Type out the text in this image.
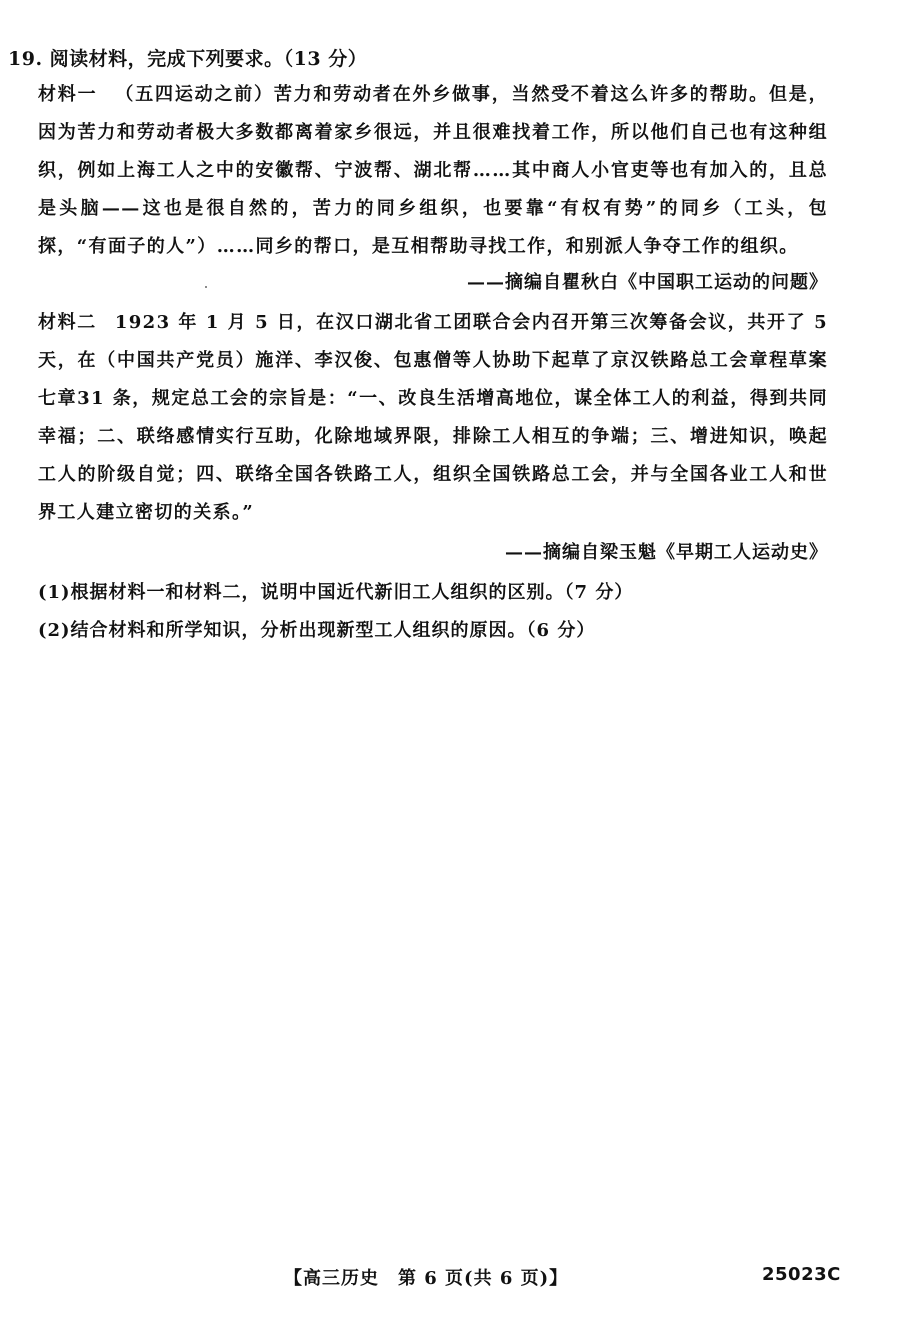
19. 阅读材料，完成下列要求。（13 分）
材料一 （五四运动之前）苦力和劳动者在外乡做事，当然受不着这么许多的帮助。但是，因为苦力和劳动者极大多数都离着家乡很远，并且很难找着工作，所以他们自己也有这种组织，例如上海工人之中的安徽帮、宁波帮、湖北帮……其中商人小官吏等也有加入的，且总是头脑——这也是很自然的，苦力的同乡组织，也要靠“有权有势”的同乡（工头，包探，“有面子的人”）……同乡的帮口，是互相帮助寻找工作，和别派人争夺工作的组织。
——摘编自瞿秋白《中国职工运动的问题》
材料二 1923 年 1 月 5 日，在汉口湖北省工团联合会内召开第三次筹备会议，共开了 5 天，在（中国共产党员）施洋、李汉俊、包惠僧等人协助下起草了京汉铁路总工会章程草案七章31 条，规定总工会的宗旨是：“一、改良生活增高地位，谋全体工人的利益，得到共同幸福；二、联络感情实行互助，化除地域界限，排除工人相互的争端；三、增进知识，唤起工人的阶级自觉；四、联络全国各铁路工人，组织全国铁路总工会，并与全国各业工人和世界工人建立密切的关系。”
——摘编自梁玉魁《早期工人运动史》
(1)根据材料一和材料二，说明中国近代新旧工人组织的区别。（7 分）
(2)结合材料和所学知识，分析出现新型工人组织的原因。（6 分）
【高三历史　第 6 页(共 6 页)】	25023C
